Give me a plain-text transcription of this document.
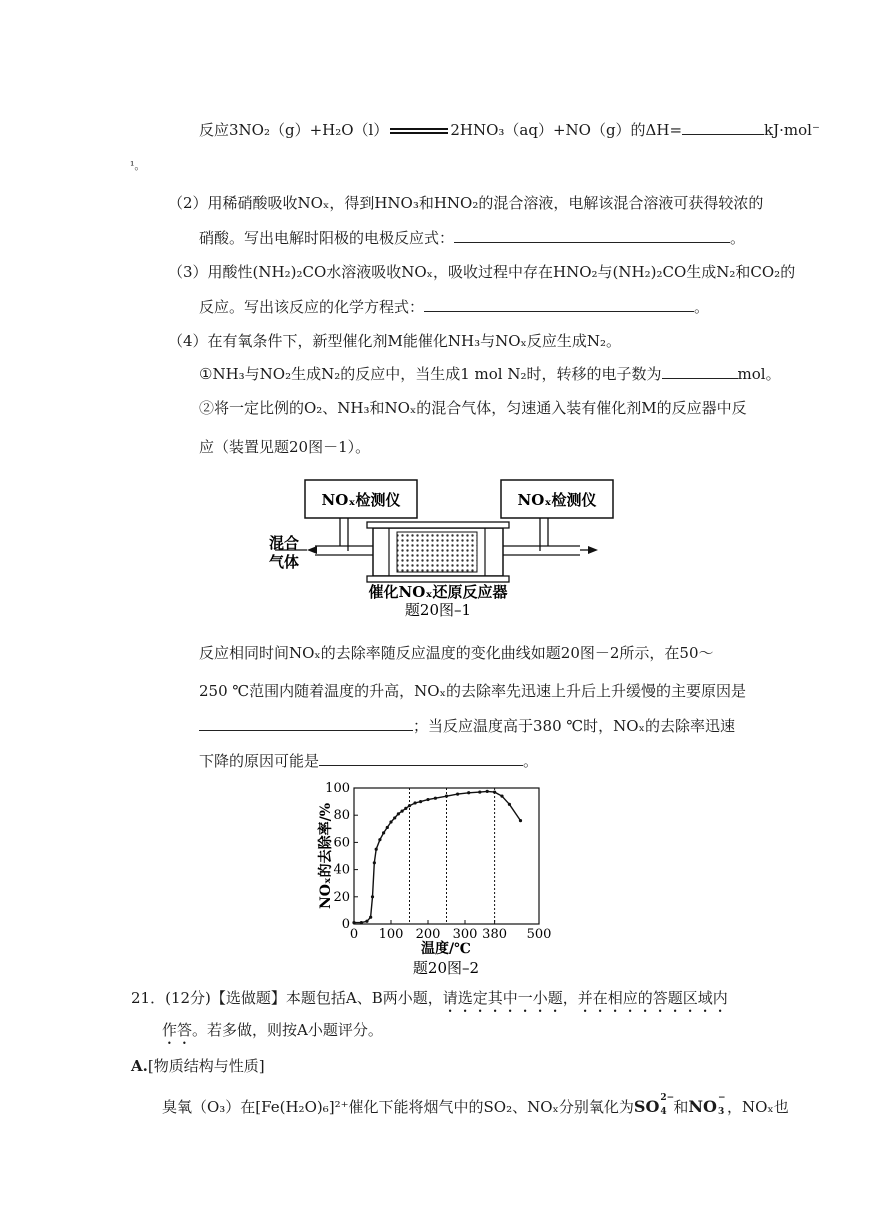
反应3NO₂（g）+H₂O（l）	2HNO₃（aq）+NO（g）的ΔH=	kJ·mol⁻
¹。
（2）用稀硝酸吸收NOₓ，得到HNO₃和HNO₂的混合溶液，电解该混合溶液可获得较浓的
硝酸。写出电解时阳极的电极反应式：	。
（3）用酸性(NH₂)₂CO水溶液吸收NOₓ，吸收过程中存在HNO₂与(NH₂)₂CO生成N₂和CO₂的
反应。写出该反应的化学方程式：	。
（4）在有氧条件下，新型催化剂M能催化NH₃与NOₓ反应生成N₂。
①NH₃与NO₂生成N₂的反应中，当生成1 mol N₂时，转移的电子数为	mol。
②将一定比例的O₂、NH₃和NOₓ的混合气体，匀速通入装有催化剂M的反应器中反
应（装置见题20图－1）。
NOₓ检测仪	NOₓ检测仪
混合
气体
催化NOₓ还原反应器
题20图–1
反应相同时间NOₓ的去除率随反应温度的变化曲线如题20图－2所示，在50～
250 ℃范围内随着温度的升高，NOₓ的去除率先迅速上升后上升缓慢的主要原因是
；当反应温度高于380 ℃时，NOₓ的去除率迅速
下降的原因可能是	。
0 100 200 300 380 500
0
20
40
60
80
100
NOₓ的去除率/%
温度/℃
题20图–2
21．(12分)【选做题】本题包括A、B两小题，请选定其中一小题，并在相应的答题区域内
作答。若多做，则按A小题评分。
A.[物质结构与性质]
臭氧（O₃）在[Fe(H₂O)₆]²⁺催化下能将烟气中的SO₂、NOₓ分别氧化为SO 2−
4 和NO −
3 ，NOₓ也
